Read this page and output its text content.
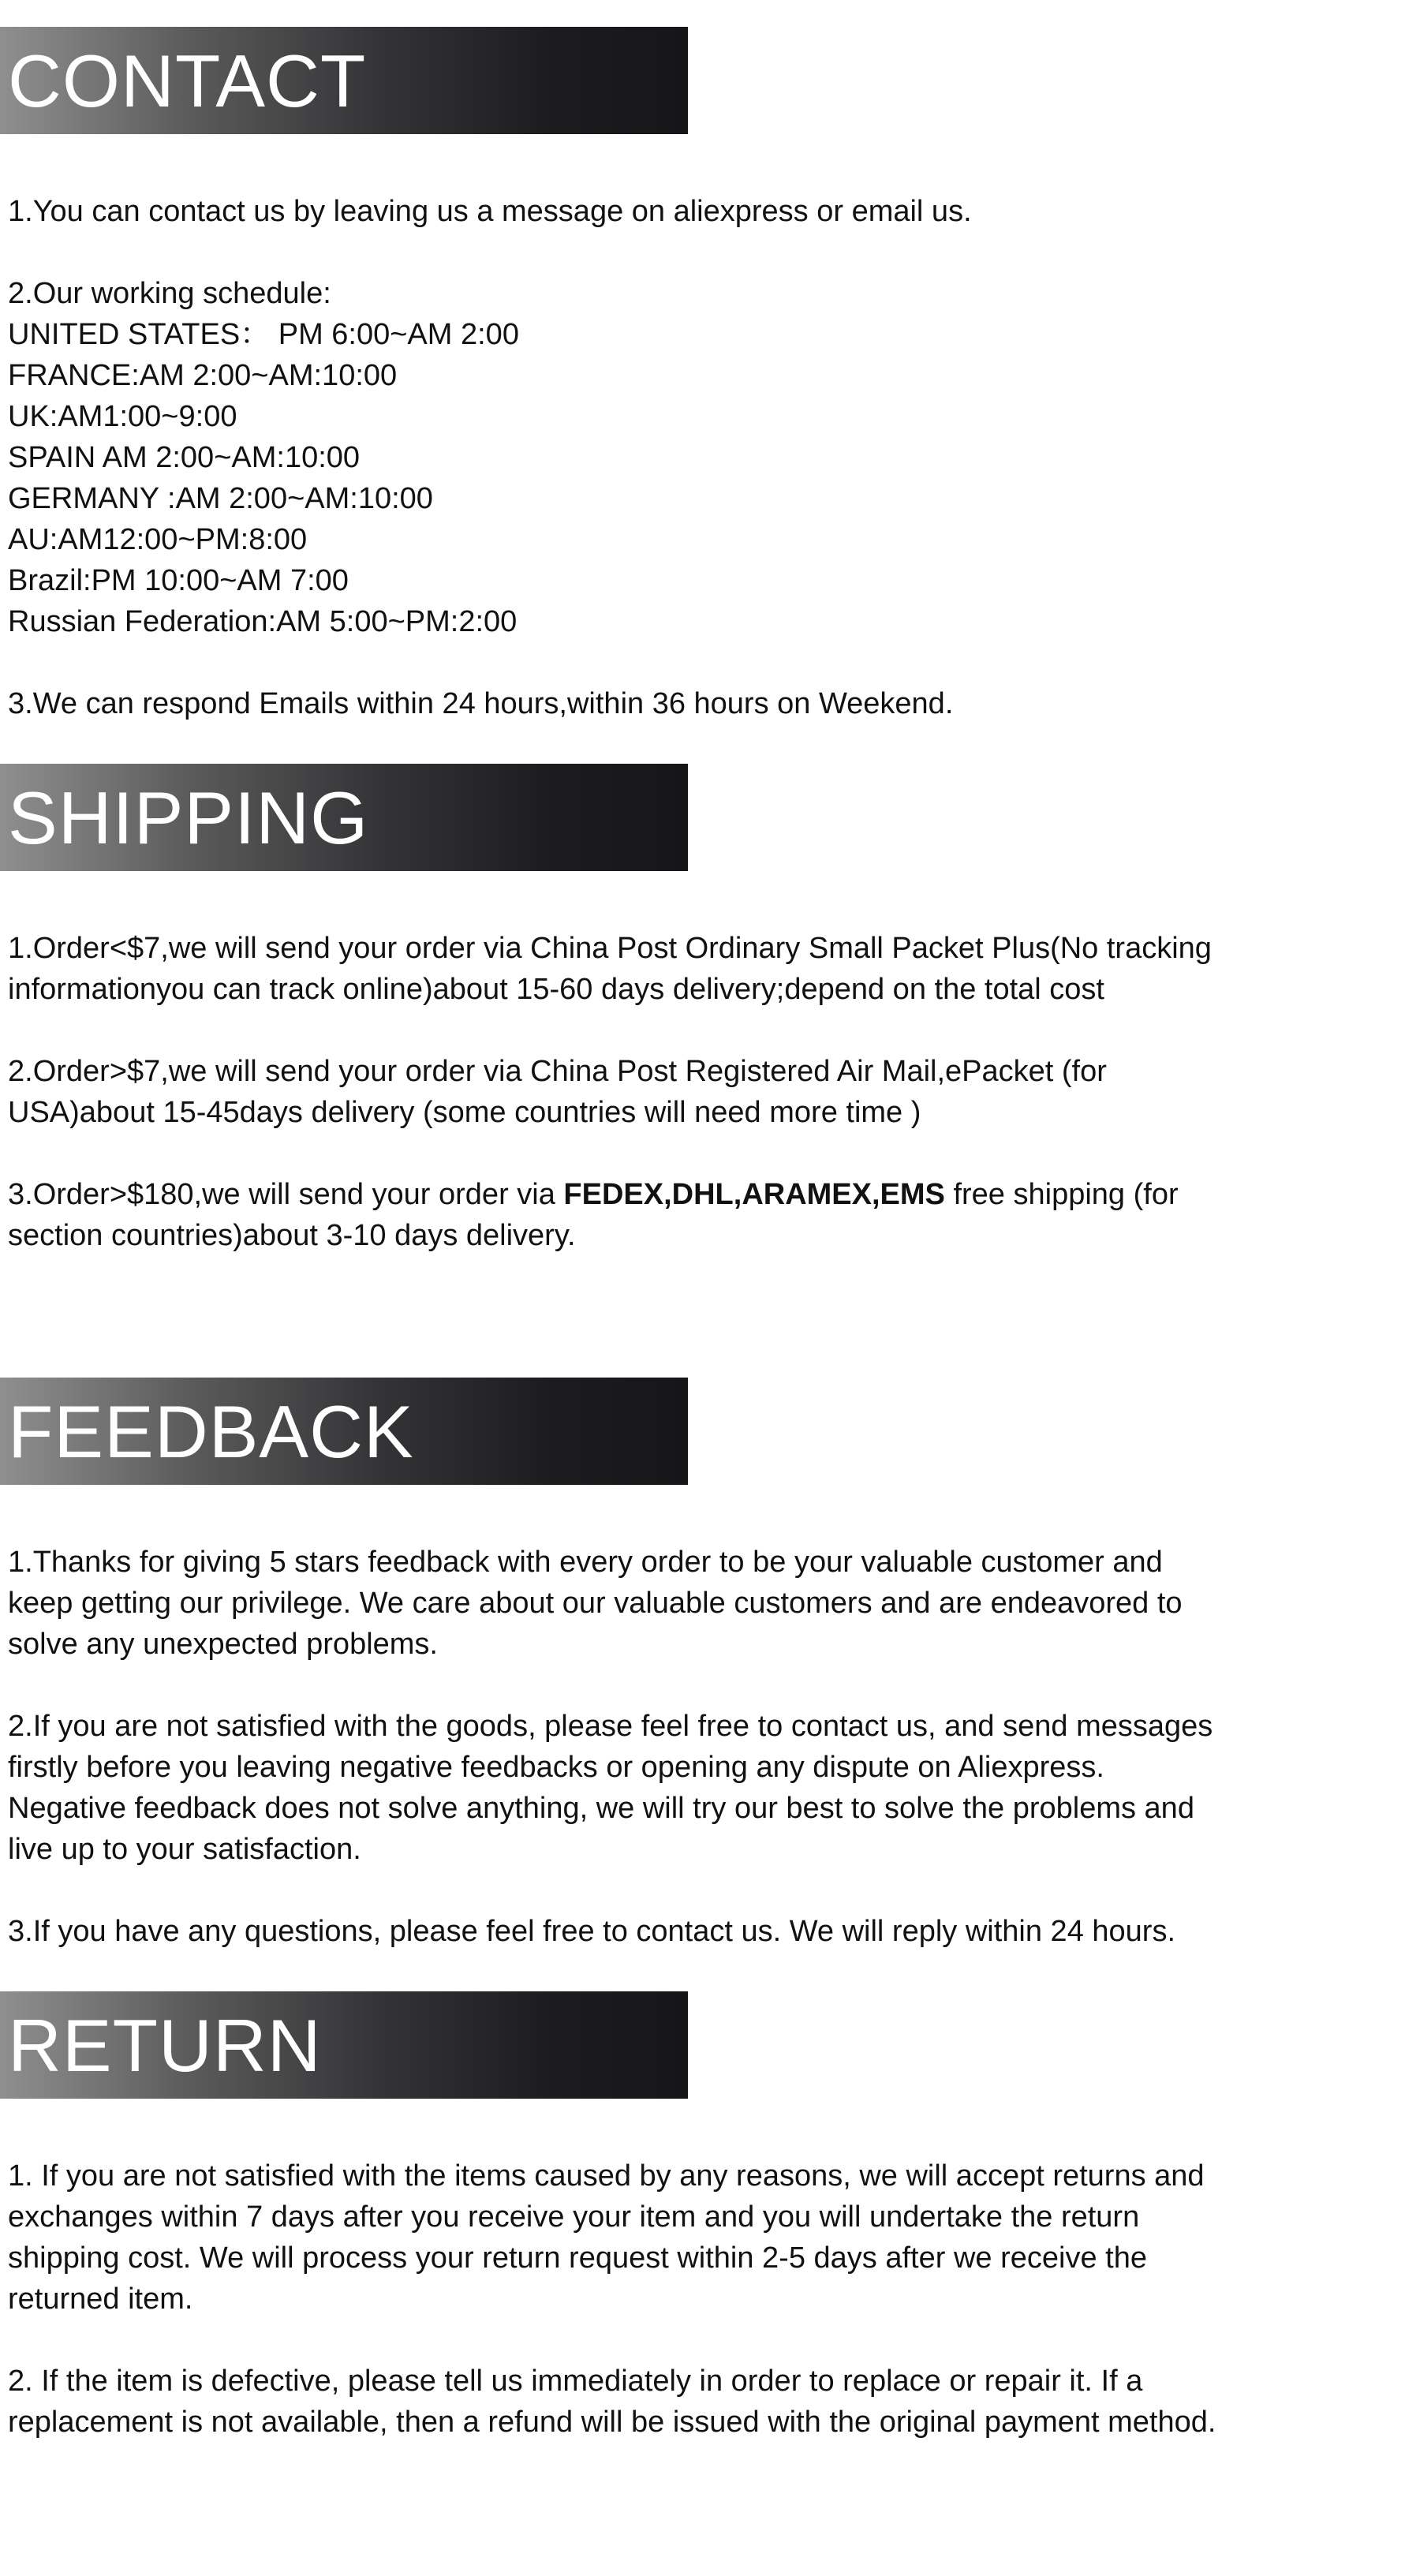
CONTACT

1.You can contact us by leaving us a message on aliexpress or email us.

2.Our working schedule:
UNITED STATES： PM 6:00~AM 2:00
FRANCE:AM 2:00~AM:10:00
UK:AM1:00~9:00
SPAIN AM 2:00~AM:10:00
GERMANY :AM 2:00~AM:10:00
AU:AM12:00~PM:8:00
Brazil:PM 10:00~AM 7:00
Russian Federation:AM 5:00~PM:2:00

3.We can respond Emails within 24 hours,within 36 hours on Weekend.

SHIPPING

1.Order<$7,we will send your order via China Post Ordinary Small Packet Plus(No tracking
informationyou can track online)about 15-60 days delivery;depend on the total cost

2.Order>$7,we will send your order via China Post Registered Air Mail,ePacket (for
USA)about 15-45days delivery (some countries will need more time )

3.Order>$180,we will send your order via FEDEX,DHL,ARAMEX,EMS free shipping (for
section countries)about 3-10 days delivery.

FEEDBACK

1.Thanks for giving 5 stars feedback with every order to be your valuable customer and
keep getting our privilege. We care about our valuable customers and are endeavored to
solve any unexpected problems.

2.If you are not satisfied with the goods, please feel free to contact us, and send messages
firstly before you leaving negative feedbacks or opening any dispute on Aliexpress.
Negative feedback does not solve anything, we will try our best to solve the problems and
live up to your satisfaction.

3.If you have any questions, please feel free to contact us. We will reply within 24 hours.

RETURN

1. If you are not satisfied with the items caused by any reasons, we will accept returns and
exchanges within 7 days after you receive your item and you will undertake the return
shipping cost. We will process your return request within 2-5 days after we receive the
returned item.

2. If the item is defective, please tell us immediately in order to replace or repair it. If a
replacement is not available, then a refund will be issued with the original payment method.
